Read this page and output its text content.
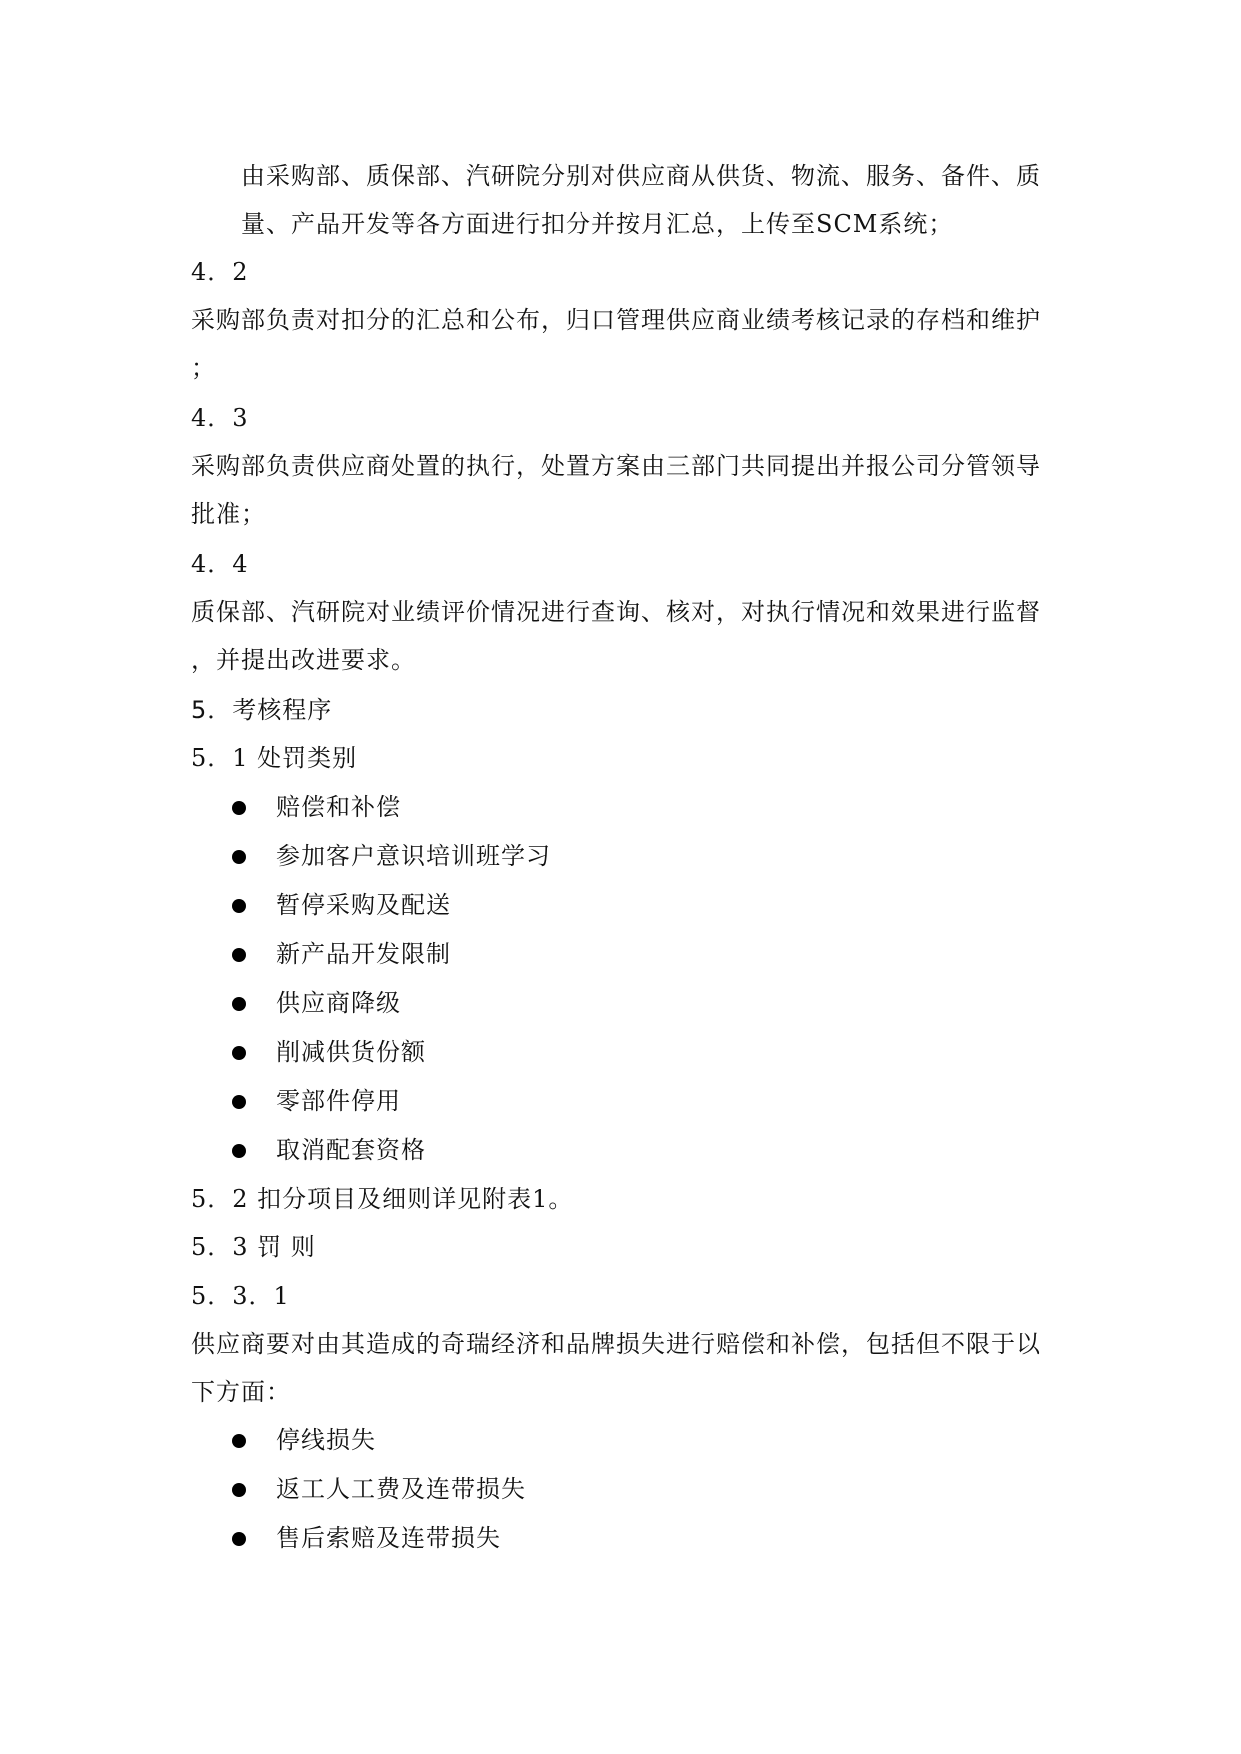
由采购部、质保部、汽研院分别对供应商从供货、物流、服务、备件、质
量、产品开发等各方面进行扣分并按月汇总，上传至SCM系统；
4．2
采购部负责对扣分的汇总和公布，归口管理供应商业绩考核记录的存档和维护
；
4．3
采购部负责供应商处置的执行，处置方案由三部门共同提出并报公司分管领导
批准；
4．4
质保部、汽研院对业绩评价情况进行查询、核对，对执行情况和效果进行监督
，并提出改进要求。
5．考核程序
5．1 处罚类别
赔偿和补偿
参加客户意识培训班学习
暂停采购及配送
新产品开发限制
供应商降级
削减供货份额
零部件停用
取消配套资格
5．2 扣分项目及细则详见附表1。
5．3 罚 则
5．3．1
供应商要对由其造成的奇瑞经济和品牌损失进行赔偿和补偿，包括但不限于以
下方面：
停线损失
返工人工费及连带损失
售后索赔及连带损失
